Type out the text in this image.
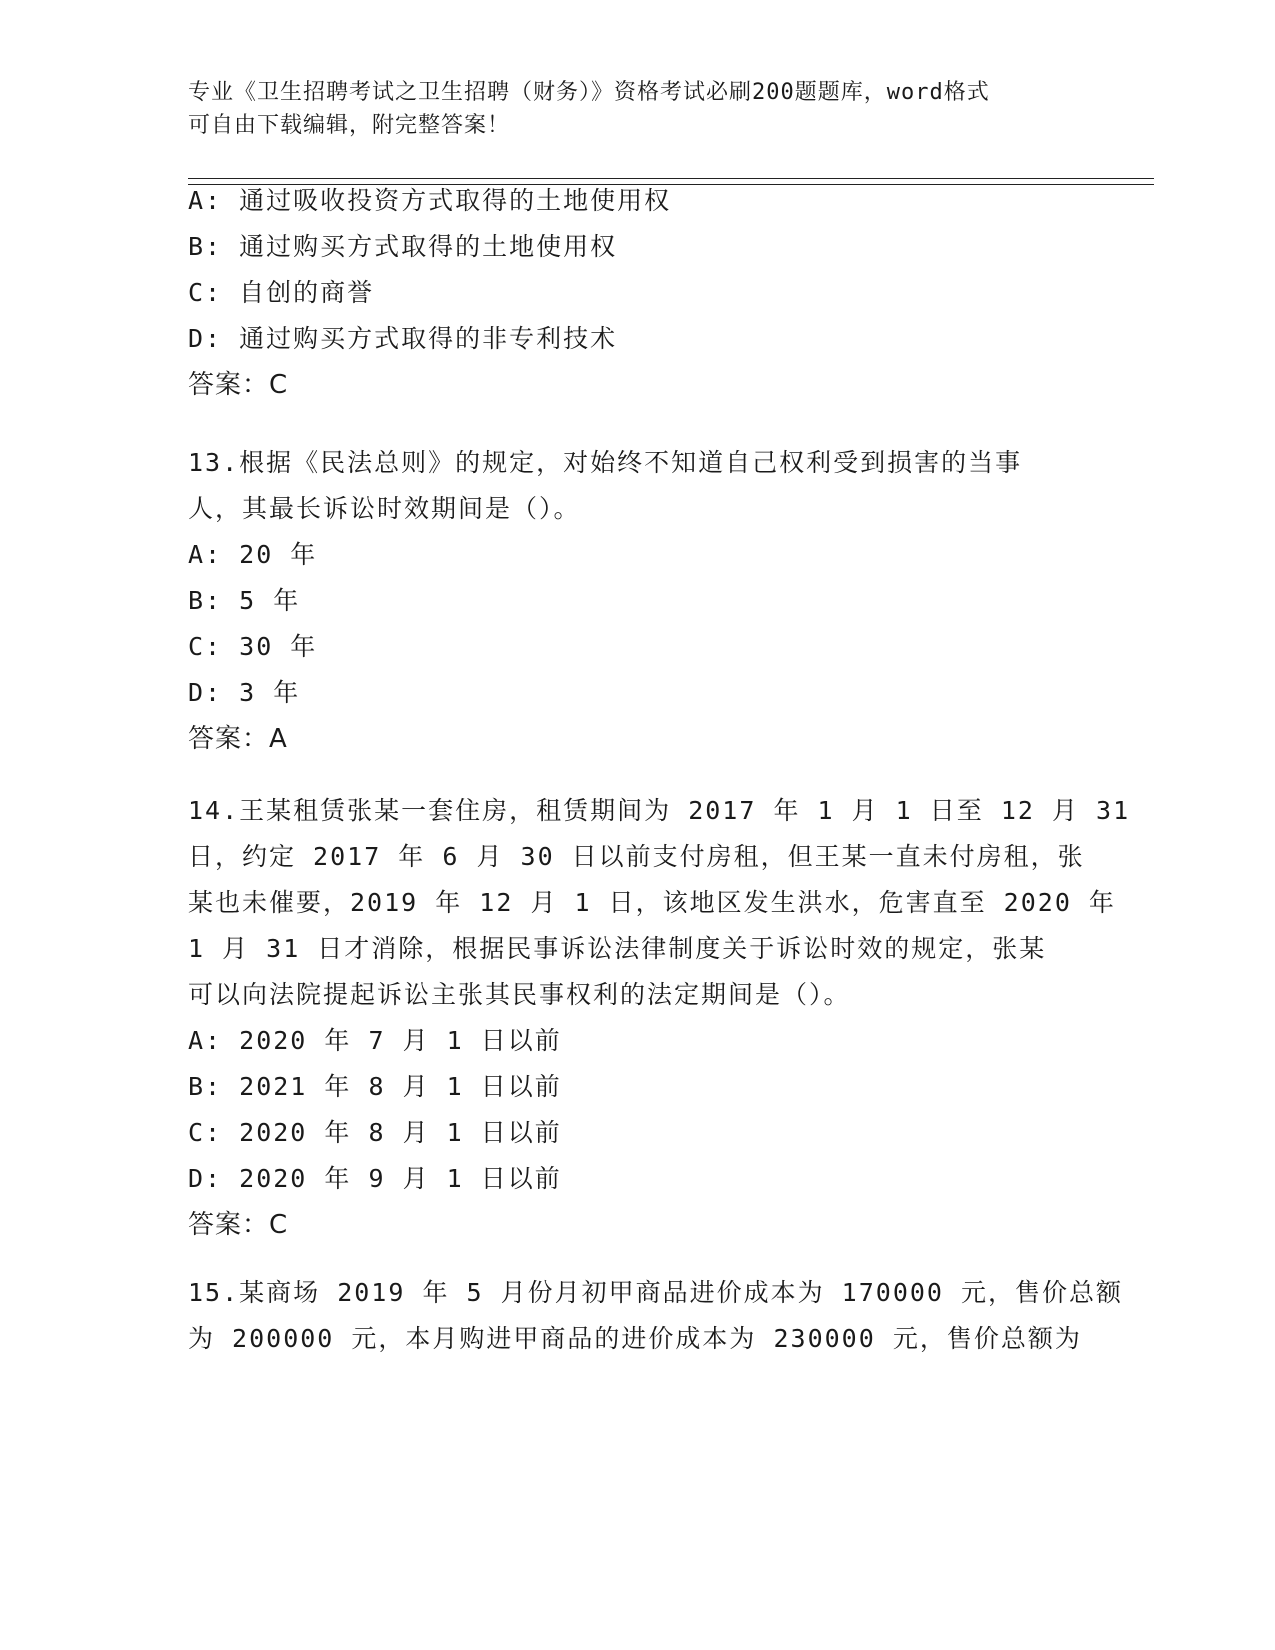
专业《卫生招聘考试之卫生招聘（财务）》资格考试必刷200题题库，word格式
可自由下载编辑，附完整答案！
A: 通过吸收投资方式取得的土地使用权
B: 通过购买方式取得的土地使用权
C: 自创的商誉
D: 通过购买方式取得的非专利技术
答案：C
13.根据《民法总则》的规定，对始终不知道自己权利受到损害的当事
人，其最长诉讼时效期间是（）。
A: 20 年
B: 5 年
C: 30 年
D: 3 年
答案：A
14.王某租赁张某一套住房，租赁期间为 2017 年 1 月 1 日至 12 月 31
日，约定 2017 年 6 月 30 日以前支付房租，但王某一直未付房租，张
某也未催要，2019 年 12 月 1 日，该地区发生洪水，危害直至 2020 年
1 月 31 日才消除，根据民事诉讼法律制度关于诉讼时效的规定，张某
可以向法院提起诉讼主张其民事权利的法定期间是（）。
A: 2020 年 7 月 1 日以前
B: 2021 年 8 月 1 日以前
C: 2020 年 8 月 1 日以前
D: 2020 年 9 月 1 日以前
答案：C
15.某商场 2019 年 5 月份月初甲商品进价成本为 170000 元，售价总额
为 200000 元，本月购进甲商品的进价成本为 230000 元，售价总额为
